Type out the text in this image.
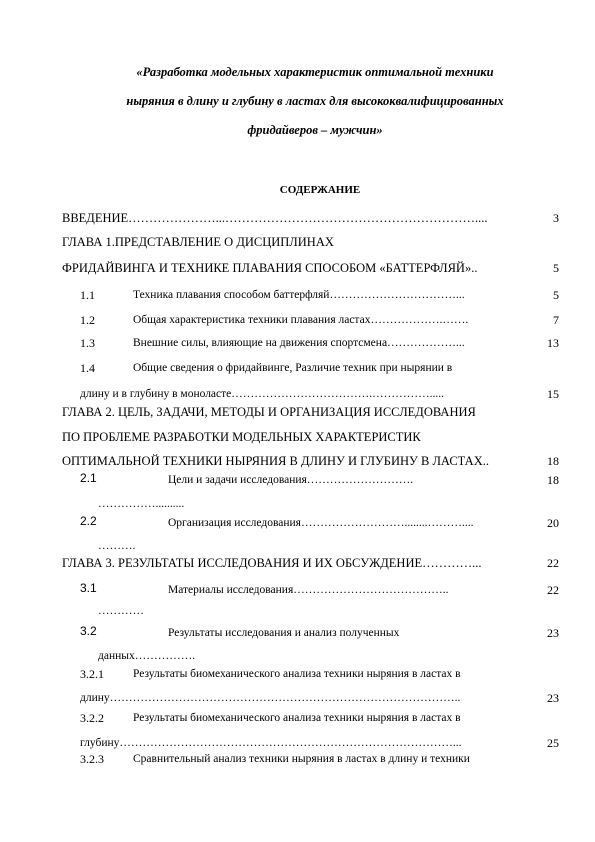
«Разработка модельных характеристик оптимальной техники
ныряния в длину и глубину в ластах для высококвалифицированных
фридайверов – мужчин»
СОДЕРЖАНИЕ
ВВЕДЕНИЕ…………………...……………………………………………………....	3
ГЛАВА 1.ПРЕДСТАВЛЕНИЕ О ДИСЦИПЛИНАХ
ФРИДАЙВИНГА И ТЕХНИКЕ ПЛАВАНИЯ СПОСОБОМ «БАТТЕРФЛЯЙ»..	5
1.1	Техника плавания способом баттерфляй……………………………...	5
1.2	Общая характеристика техники плавания ластах……………….…….	7
1.3	Внешние силы, влияющие на движения спортсмена………………...	13
1.4	Общие сведения о фридайвинге, Различие техник при нырянии в
длину и в глубину в моноласте……………………………….…………….....	15
ГЛАВА 2. ЦЕЛЬ, ЗАДАЧИ, МЕТОДЫ И ОРГАНИЗАЦИЯ ИССЛЕДОВАНИЯ
ПО ПРОБЛЕМЕ РАЗРАБОТКИ МОДЕЛЬНЫХ ХАРАКТЕРИСТИК
ОПТИМАЛЬНОЙ ТЕХНИКИ НЫРЯНИЯ В ДЛИНУ И ГЛУБИНУ В ЛАСТАХ..	18
2.1	Цели и задачи исследования……………………….	18
……………..........
2.2	Организация исследования………………………........………....	20
……….
ГЛАВА 3. РЕЗУЛЬТАТЫ ИССЛЕДОВАНИЯ И ИХ ОБСУЖДЕНИЕ…………...	22
3.1	Материалы исследования…………………………………..	22
…………
3.2	Результаты исследования и анализ полученных	23
данных…………….
3.2.1	Результаты биомеханического анализа техники ныряния в ластах в
длину………………………………………………………………………………..	23
3.2.2	Результаты биомеханического анализа техники ныряния в ластах в
глубину……………………………………………………………………………...	25
3.2.3	Сравнительный анализ техники ныряния в ластах в длину и техники
